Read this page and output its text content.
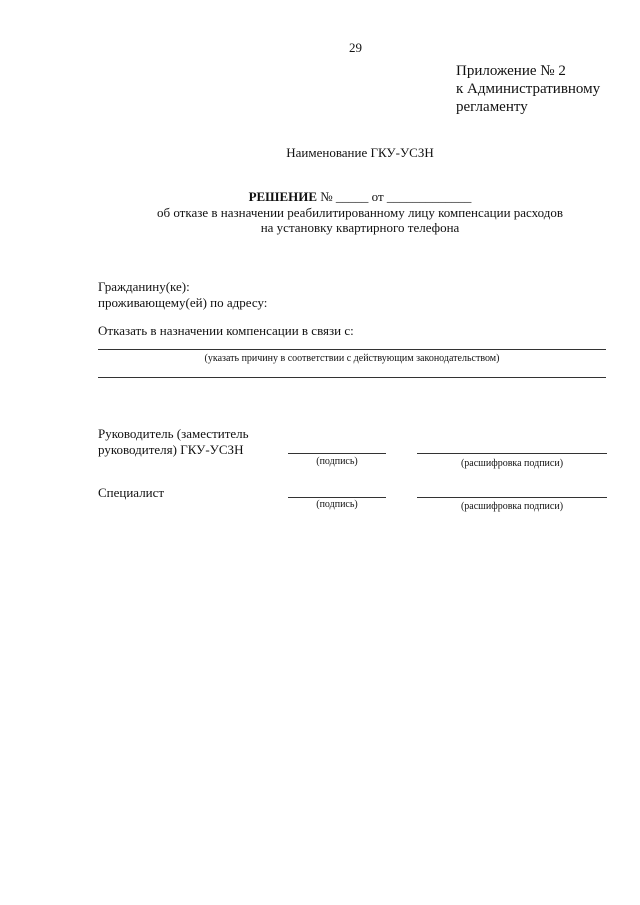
29
Приложение № 2
к Административному
регламенту
Наименование ГКУ-УСЗН
РЕШЕНИЕ № _____ от _____________
об отказе в назначении реабилитированному лицу компенсации расходов
на установку квартирного телефона
Гражданину(ке):
проживающему(ей) по адресу:
Отказать в назначении компенсации в связи с:
(указать причину в соответствии с действующим законодательством)
Руководитель (заместитель
руководителя) ГКУ-УСЗН
(подпись)	(расшифровка подписи)
Специалист
(подпись)	(расшифровка подписи)
